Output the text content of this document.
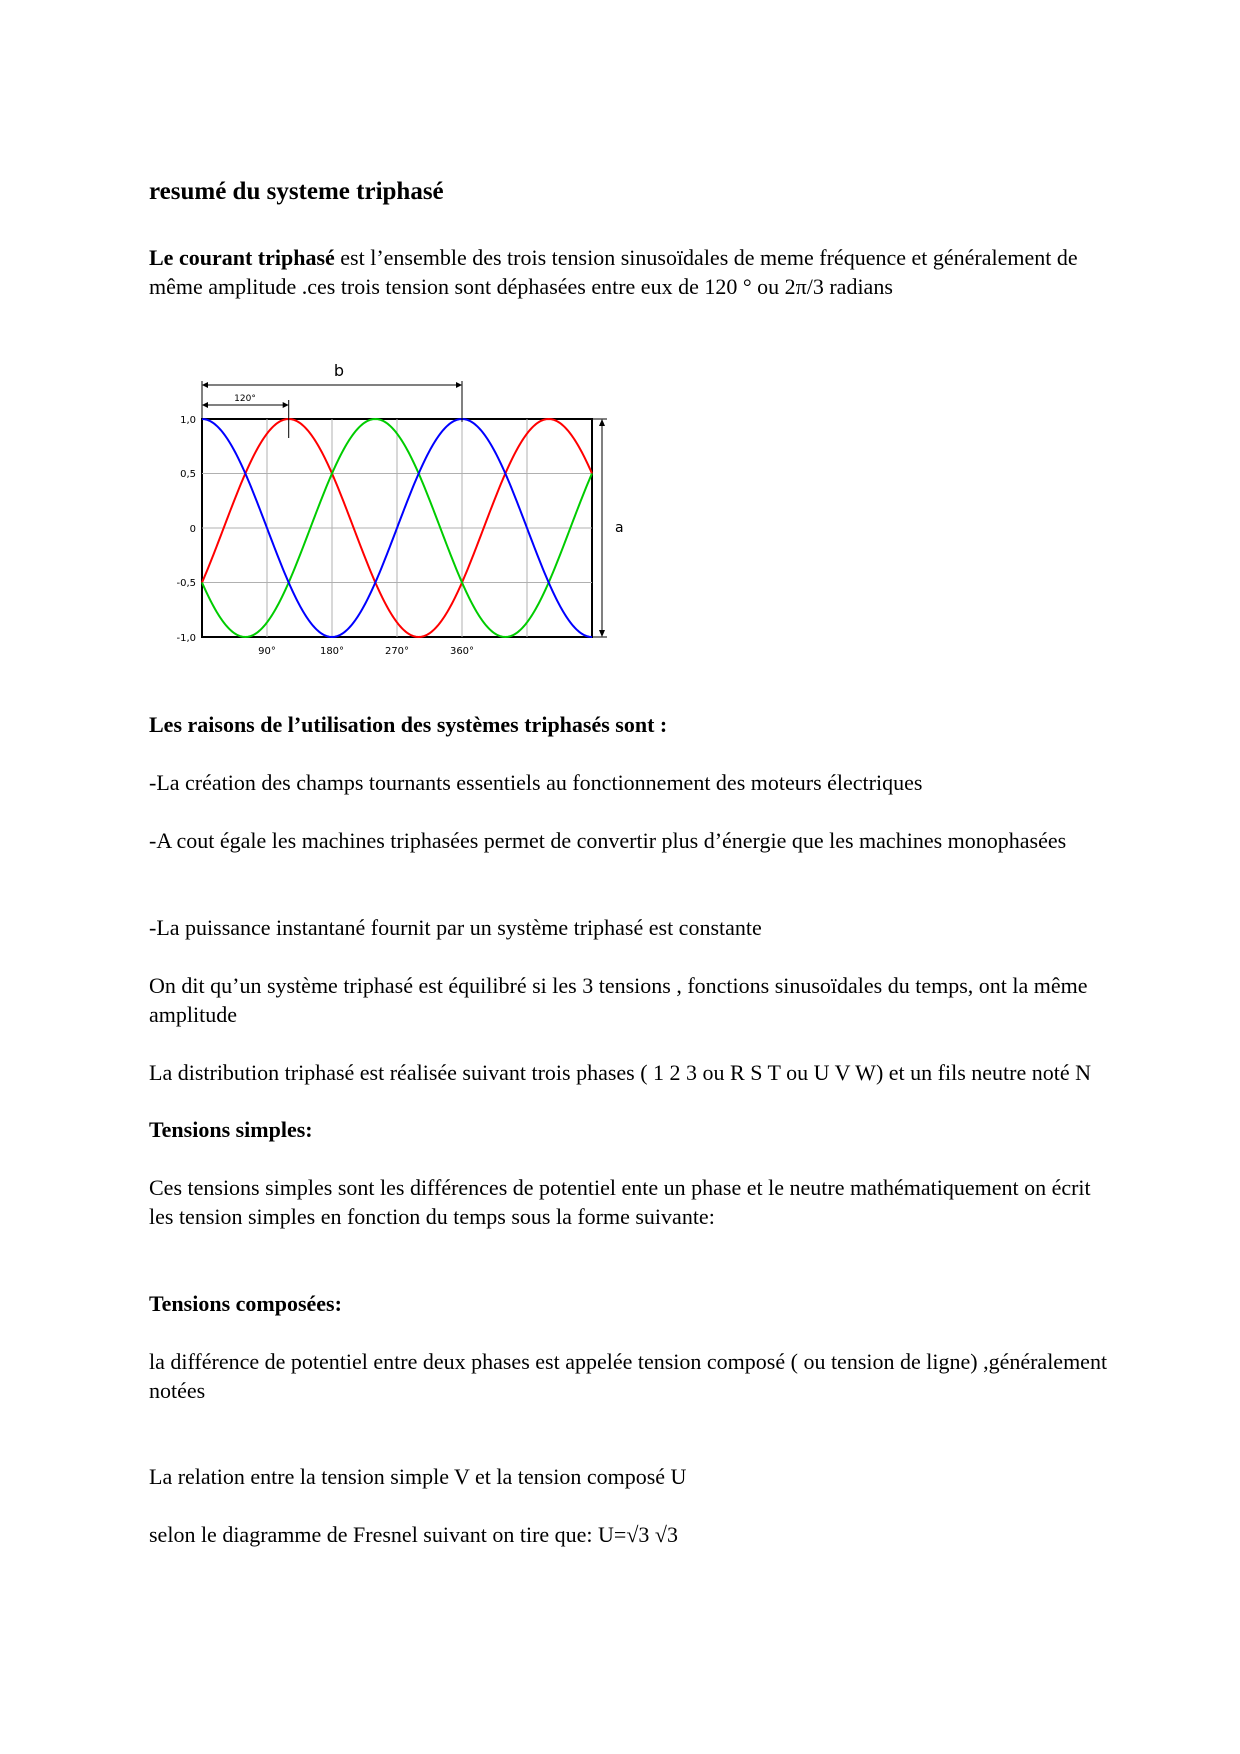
resumé du systeme triphasé

Le courant triphasé est l’ensemble des trois tension sinusoïdales de meme fréquence et généralement de même amplitude .ces trois tension sont déphasées entre eux de 120 ° ou 2π/3 radians

1,0
0,5
0
-0,5
-1,0
90°	180°	270°	360°
b
120°
a

Les raisons de l’utilisation des systèmes triphasés sont :

-La création des champs tournants essentiels au fonctionnement des moteurs électriques

-A cout égale les machines triphasées permet de convertir plus d’énergie que les machines monophasées

-La puissance instantané fournit par un système triphasé est constante

On dit qu’un système triphasé est équilibré si les 3 tensions , fonctions sinusoïdales du temps, ont la même amplitude

La distribution triphasé est réalisée suivant trois phases ( 1 2 3 ou R S T ou U V W) et un fils neutre noté N

Tensions simples:

Ces tensions simples sont les différences de potentiel ente un phase et le neutre mathématiquement on écrit les tension simples en fonction du temps sous la forme suivante:

Tensions composées:

la différence de potentiel entre deux phases est appelée tension composé ( ou tension de ligne) ,généralement notées

La relation entre la tension simple V et la tension composé U

selon le diagramme de Fresnel suivant on tire que: U=√3 √3
